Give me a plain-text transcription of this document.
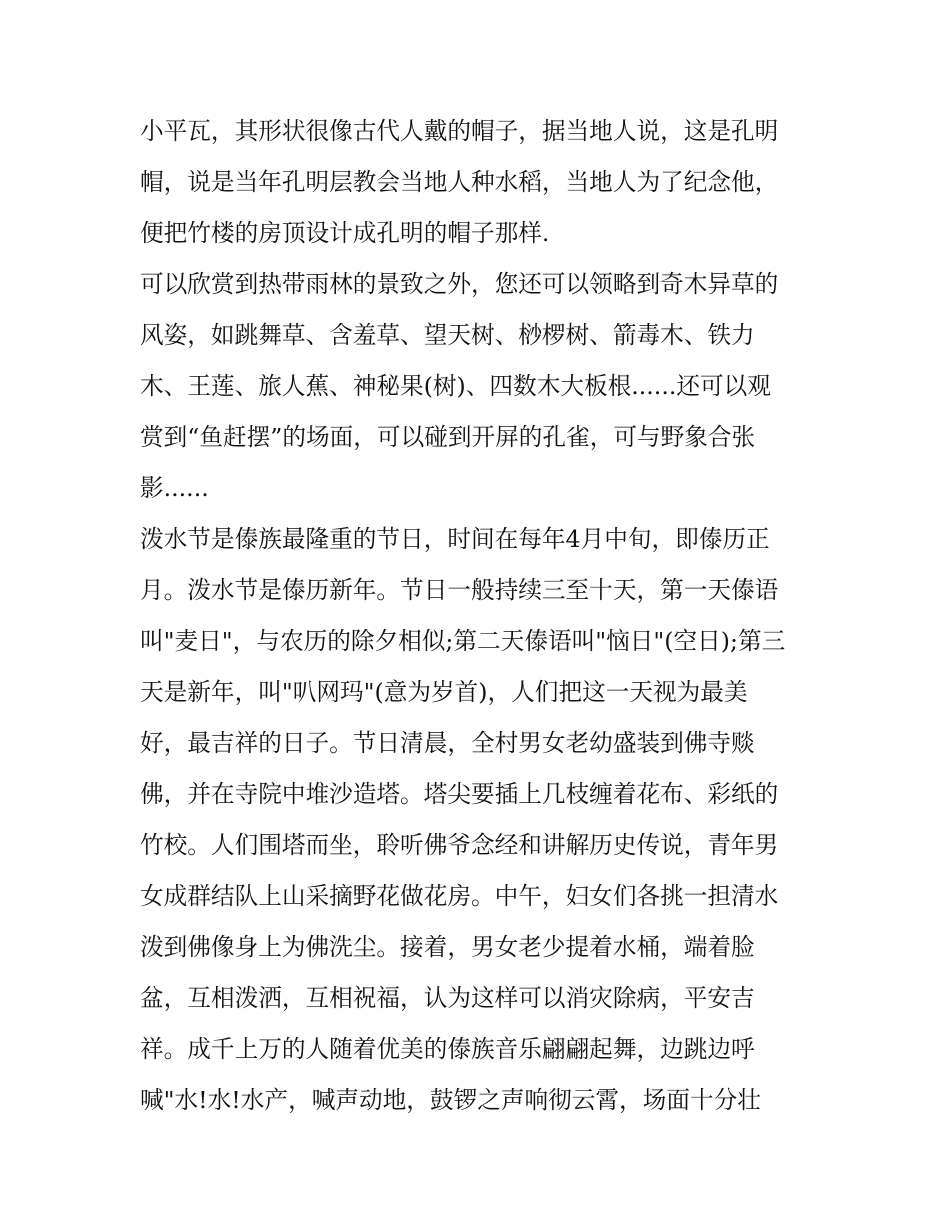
小平瓦，其形状很像古代人戴的帽子，据当地人说，这是孔明
帽，说是当年孔明层教会当地人种水稻，当地人为了纪念他，
便把竹楼的房顶设计成孔明的帽子那样.
可以欣赏到热带雨林的景致之外，您还可以领略到奇木异草的
风姿，如跳舞草、含羞草、望天树、桫椤树、箭毒木、铁力
木、王莲、旅人蕉、神秘果(树)、四数木大板根......还可以观
赏到“鱼赶摆”的场面，可以碰到开屏的孔雀，可与野象合张
影......
泼水节是傣族最隆重的节日，时间在每年4月中旬，即傣历正
月。泼水节是傣历新年。节日一般持续三至十天，第一天傣语
叫"麦日"，与农历的除夕相似;第二天傣语叫"恼日"(空日);第三
天是新年，叫"叭网玛"(意为岁首)，人们把这一天视为最美
好，最吉祥的日子。节日清晨，全村男女老幼盛装到佛寺赕
佛，并在寺院中堆沙造塔。塔尖要插上几枝缠着花布、彩纸的
竹校。人们围塔而坐，聆听佛爷念经和讲解历史传说，青年男
女成群结队上山采摘野花做花房。中午，妇女们各挑一担清水
泼到佛像身上为佛洗尘。接着，男女老少提着水桶，端着脸
盆，互相泼洒，互相祝福，认为这样可以消灾除病，平安吉
祥。成千上万的人随着优美的傣族音乐翩翩起舞，边跳边呼
喊"水!水!水产，喊声动地，鼓锣之声响彻云霄，场面十分壮
